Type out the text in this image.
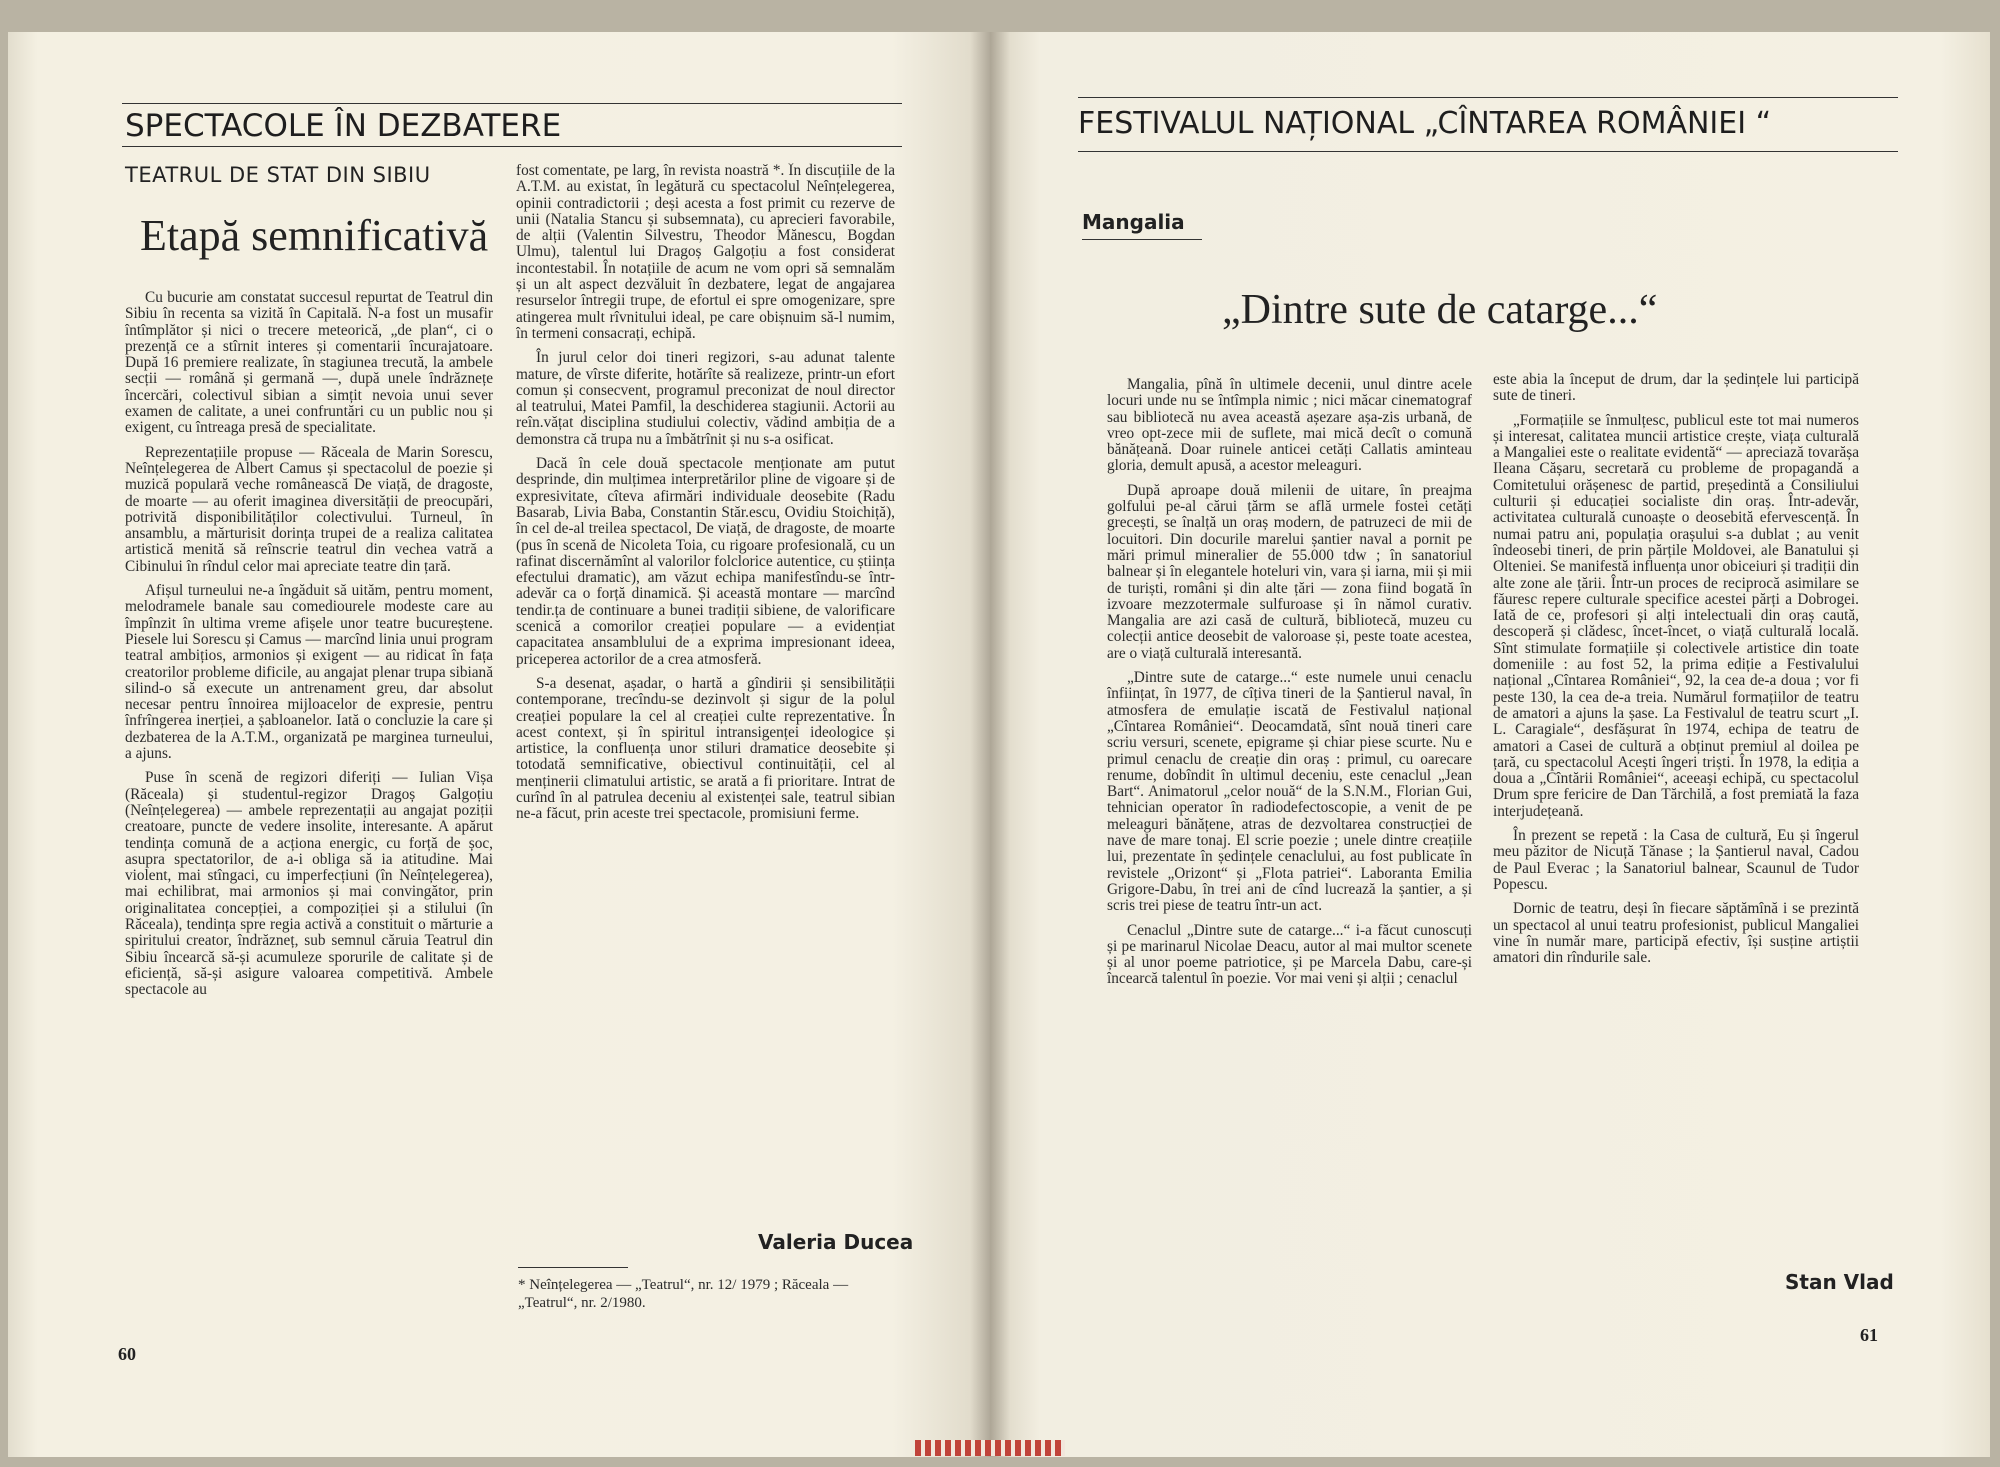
SPECTACOLE ÎN DEZBATERE
TEATRUL DE STAT DIN SIBIU
Etapă semnificativă

Cu bucurie am constatat succesul repurtat de Teatrul din Sibiu în recenta sa vizită în Capitală. N-a fost un musafir întîmplător și nici o trecere meteorică, „de plan“, ci o prezență ce a stîrnit interes și comentarii încurajatoare. După 16 premiere realizate, în stagiunea trecută, la ambele secții — română și germană —, după unele îndrăznețe încercări, colectivul sibian a simțit nevoia unui sever examen de calitate, a unei confruntări cu un public nou și exigent, cu întreaga presă de specialitate.

Reprezentațiile propuse — Răceala de Marin Sorescu, Neînțelegerea de Albert Camus și spectacolul de poezie și muzică populară veche românească De viață, de dragoste, de moarte — au oferit imaginea diversității de preocupări, potrivită disponibilităților colectivului. Turneul, în ansamblu, a mărturisit dorința trupei de a realiza calitatea artistică menită să reînscrie teatrul din vechea vatră a Cibinului în rîndul celor mai apreciate teatre din țară.

Afișul turneului ne-a îngăduit să uităm, pentru moment, melodramele banale sau comediourele modeste care au împînzit în ultima vreme afișele unor teatre bucureștene. Piesele lui Sorescu și Camus — marcînd linia unui program teatral ambițios, armonios și exigent — au ridicat în fața creatorilor probleme dificile, au angajat plenar trupa sibiană silind-o să execute un antrenament greu, dar absolut necesar pentru înnoirea mijloacelor de expresie, pentru înfrîngerea inerției, a șabloanelor. Iată o concluzie la care și dezbaterea de la A.T.M., organizată pe marginea turneului, a ajuns.

Puse în scenă de regizori diferiți — Iulian Vișa (Răceala) și studentul-regizor Dragoș Galgoțiu (Neînțelegerea) — ambele reprezentații au angajat poziții creatoare, puncte de vedere insolite, interesante. A apărut tendința comună de a acționa energic, cu forță de șoc, asupra spectatorilor, de a-i obliga să ia atitudine. Mai violent, mai stîngaci, cu imperfecțiuni (în Neînțelegerea), mai echilibrat, mai armonios și mai convingător, prin originalitatea concepției, a compoziției și a stilului (în Răceala), tendința spre regia activă a constituit o mărturie a spiritului creator, îndrăzneț, sub semnul căruia Teatrul din Sibiu încearcă să-și acumuleze sporurile de calitate și de eficiență, să-și asigure valoarea competitivă. Ambele spectacole au

fost comentate, pe larg, în revista noastră *. În discuțiile de la A.T.M. au existat, în legătură cu spectacolul Neînțelegerea, opinii contradictorii ; deși acesta a fost primit cu rezerve de unii (Natalia Stancu și subsemnata), cu aprecieri favorabile, de alții (Valentin Silvestru, Theodor Mănescu, Bogdan Ulmu), talentul lui Dragoș Galgoțiu a fost considerat incontestabil. În notațiile de acum ne vom opri să semnalăm și un alt aspect dezvăluit în dezbatere, legat de angajarea resurselor întregii trupe, de efortul ei spre omogenizare, spre atingerea mult rîvnitului ideal, pe care obișnuim să-l numim, în termeni consacrați, echipă.

În jurul celor doi tineri regizori, s-au adunat talente mature, de vîrste diferite, hotărîte să realizeze, printr-un efort comun și consecvent, programul preconizat de noul director al teatrului, Matei Pamfil, la deschiderea stagiunii. Actorii au reîn.vățat disciplina studiului colectiv, vădind ambiția de a demonstra că trupa nu a îmbătrînit și nu s-a osificat.

Dacă în cele două spectacole menționate am putut desprinde, din mulțimea interpretărilor pline de vigoare și de expresivitate, cîteva afirmări individuale deosebite (Radu Basarab, Livia Baba, Constantin Stăr.escu, Ovidiu Stoichiță), în cel de-al treilea spectacol, De viață, de dragoste, de moarte (pus în scenă de Nicoleta Toia, cu rigoare profesională, cu un rafinat discernămînt al valorilor folclorice autentice, cu știința efectului dramatic), am văzut echipa manifestîndu-se într-adevăr ca o forță dinamică. Și această montare — marcînd tendir.ța de continuare a bunei tradiții sibiene, de valorificare scenică a comorilor creației populare — a evidențiat capacitatea ansamblului de a exprima impresionant ideea, priceperea actorilor de a crea atmosferă.

S-a desenat, așadar, o hartă a gîndirii și sensibilității contemporane, trecîndu-se dezinvolt și sigur de la polul creației populare la cel al creației culte reprezentative. În acest context, și în spiritul intransigenței ideologice și artistice, la confluența unor stiluri dramatice deosebite și totodată semnificative, obiectivul continuității, cel al menținerii climatului artistic, se arată a fi prioritare. Intrat de curînd în al patrulea deceniu al existenței sale, teatrul sibian ne-a făcut, prin aceste trei spectacole, promisiuni ferme.

Valeria Ducea
* Neînțelegerea — „Teatrul“, nr. 12/ 1979 ; Răceala — „Teatrul“, nr. 2/1980.
60
FESTIVALUL NAȚIONAL „CÎNTAREA ROMÂNIEI “
Mangalia
„Dintre sute de catarge...“

Mangalia, pînă în ultimele decenii, unul dintre acele locuri unde nu se întîmpla nimic ; nici măcar cinematograf sau bibliotecă nu avea această așezare așa-zis urbană, de vreo opt-zece mii de suflete, mai mică decît o comună bănățeană. Doar ruinele anticei cetăți Callatis aminteau gloria, demult apusă, a acestor meleaguri.

După aproape două milenii de uitare, în preajma golfului pe-al cărui țărm se află urmele fostei cetăți grecești, se înalță un oraș modern, de patruzeci de mii de locuitori. Din docurile marelui șantier naval a pornit pe mări primul mineralier de 55.000 tdw ; în sanatoriul balnear și în elegantele hoteluri vin, vara și iarna, mii și mii de turiști, români și din alte țări — zona fiind bogată în izvoare mezzotermale sulfuroase și în nămol curativ. Mangalia are azi casă de cultură, bibliotecă, muzeu cu colecții antice deosebit de valoroase și, peste toate acestea, are o viață culturală interesantă.

„Dintre sute de catarge...“ este numele unui cenaclu înființat, în 1977, de cîțiva tineri de la Șantierul naval, în atmosfera de emulație iscată de Festivalul național „Cîntarea României“. Deocamdată, sînt nouă tineri care scriu versuri, scenete, epigrame și chiar piese scurte. Nu e primul cenaclu de creație din oraș : primul, cu oarecare renume, dobîndit în ultimul deceniu, este cenaclul „Jean Bart“. Animatorul „celor nouă“ de la S.N.M., Florian Gui, tehnician operator în radiodefectoscopie, a venit de pe meleaguri bănățene, atras de dezvoltarea construcției de nave de mare tonaj. El scrie poezie ; unele dintre creațiile lui, prezentate în ședințele cenaclului, au fost publicate în revistele „Orizont“ și „Flota patriei“. Laboranta Emilia Grigore-Dabu, în trei ani de cînd lucrează la șantier, a și scris trei piese de teatru într-un act.

Cenaclul „Dintre sute de catarge...“ i-a făcut cunoscuți și pe marinarul Nicolae Deacu, autor al mai multor scenete și al unor poeme patriotice, și pe Marcela Dabu, care-și încearcă talentul în poezie. Vor mai veni și alții ; cenaclul

este abia la început de drum, dar la ședințele lui participă sute de tineri.

„Formațiile se înmulțesc, publicul este tot mai numeros și interesat, calitatea muncii artistice crește, viața culturală a Mangaliei este o realitate evidentă“ — apreciază tovarășa Ileana Cășaru, secretară cu probleme de propagandă a Comitetului orășenesc de partid, președintă a Consiliului culturii și educației socialiste din oraș. Într-adevăr, activitatea culturală cunoaște o deosebită efervescență. În numai patru ani, populația orașului s-a dublat ; au venit îndeosebi tineri, de prin părțile Moldovei, ale Banatului și Olteniei. Se manifestă influența unor obiceiuri și tradiții din alte zone ale țării. Într-un proces de reciprocă asimilare se făuresc repere culturale specifice acestei părți a Dobrogei. Iată de ce, profesori și alți intelectuali din oraș caută, descoperă și clădesc, încet-încet, o viață culturală locală. Sînt stimulate formațiile și colectivele artistice din toate domeniile : au fost 52, la prima ediție a Festivalului național „Cîntarea României“, 92, la cea de-a doua ; vor fi peste 130, la cea de-a treia. Numărul formațiilor de teatru de amatori a ajuns la șase. La Festivalul de teatru scurt „I. L. Caragiale“, desfășurat în 1974, echipa de teatru de amatori a Casei de cultură a obținut premiul al doilea pe țară, cu spectacolul Acești îngeri triști. În 1978, la ediția a doua a „Cîntării României“, aceeași echipă, cu spectacolul Drum spre fericire de Dan Tărchilă, a fost premiată la faza interjudețeană.

În prezent se repetă : la Casa de cultură, Eu și îngerul meu păzitor de Nicuță Tănase ; la Șantierul naval, Cadou de Paul Everac ; la Sanatoriul balnear, Scaunul de Tudor Popescu.

Dornic de teatru, deși în fiecare săptămînă i se prezintă un spectacol al unui teatru profesionist, publicul Mangaliei vine în număr mare, participă efectiv, își susține artiștii amatori din rîndurile sale.

Stan Vlad
61
